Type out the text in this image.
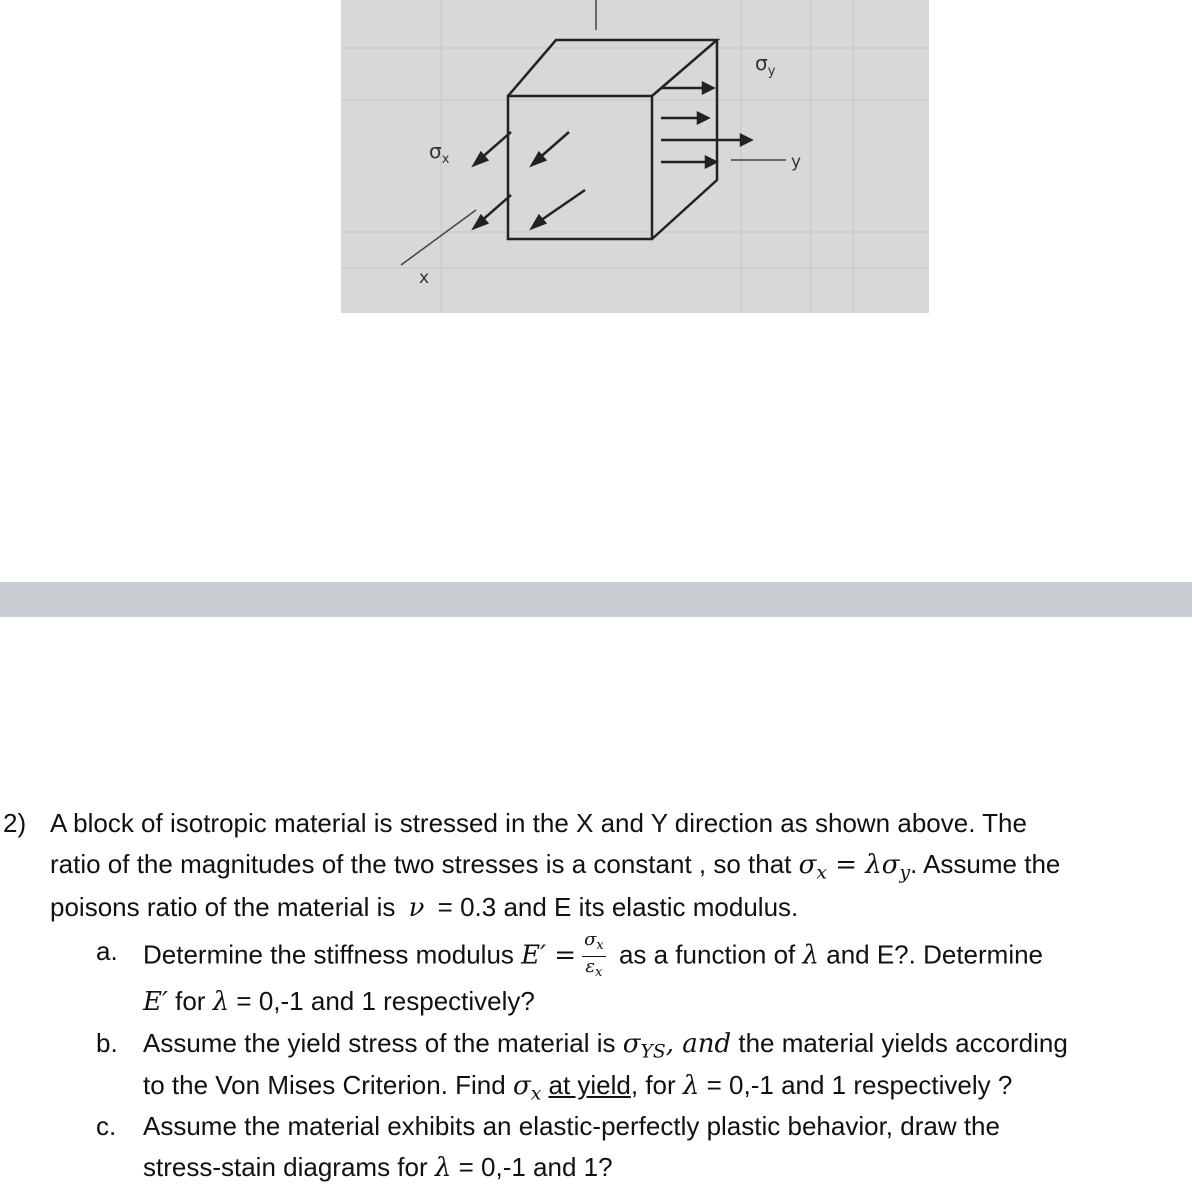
$\sigma_x$
$\sigma_y$
x
y
2) A block of isotropic material is stressed in the X and Y direction as shown above. The
ratio of the magnitudes of the two stresses is a constant , so that $\sigma_x = \lambda\sigma_y$. Assume the
poisons ratio of the material is ν = 0.3 and E its elastic modulus.
a. Determine the stiffness modulus $E' = \frac{\sigma_x}{\varepsilon_x}$ as a function of λ and E?. Determine
E′ for λ = 0,-1 and 1 respectively?
b. Assume the yield stress of the material is $\sigma_{YS}$, and the material yields according
to the Von Mises Criterion. Find $\sigma_x$ at yield, for λ = 0,-1 and 1 respectively ?
c. Assume the material exhibits an elastic-perfectly plastic behavior, draw the
stress-stain diagrams for λ = 0,-1 and 1?
